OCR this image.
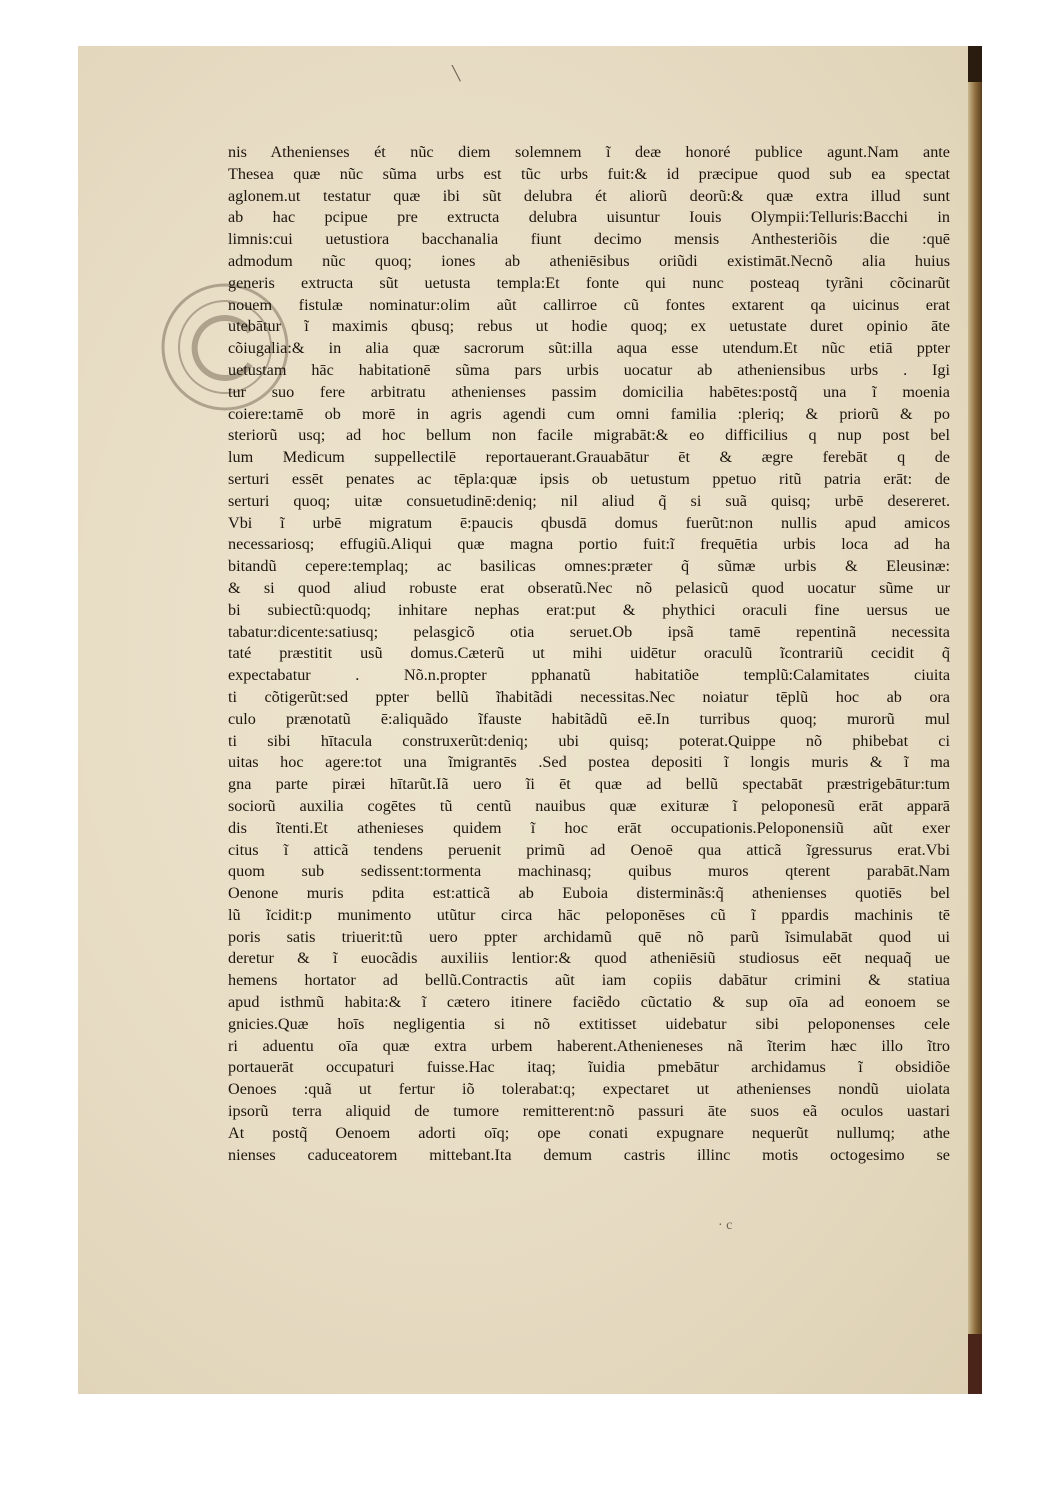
╲
· c
nis Athenienses ét nũc diem solemnem ĩ deæ honoré publice agunt.Nam ante
Thesea quæ nũc sũma urbs est tũc urbs fuit:& id præcipue quod sub ea spectat
aglonem.ut testatur quæ ibi sũt delubra ét aliorũ deorũ:& quæ extra illud sunt
ab hac pcipue pre extructa delubra uisuntur Iouis Olympii:Telluris:Bacchi in
limnis:cui uetustiora bacchanalia fiunt decimo mensis Anthesteriõis die :quē
admodum nũc quoq; iones ab atheniēsibus oriũdi existimāt.Necnõ alia huius
generis extructa sũt uetusta templa:Et fonte qui nunc posteaq tyrãni cõcinarũt
nouem fistulæ nominatur:olim aũt callirroe cũ fontes extarent qa uicinus erat
utebātur ĩ maximis qbusq; rebus ut hodie quoq; ex uetustate duret opinio āte
cõiugalia:& in alia quæ sacrorum sũt:illa aqua esse utendum.Et nũc etiā ppter
uetustam hāc habitationē sũma pars urbis uocatur ab atheniensibus urbs . Igi
tur suo fere arbitratu athenienses passim domicilia habētes:postq̃ una ĩ moenia
coiere:tamē ob morē in agris agendi cum omni familia :pleriq; & priorũ & po
steriorũ usq; ad hoc bellum non facile migrabāt:& eo difficilius q nup post bel
lum Medicum suppellectilē reportauerant.Grauabātur ēt & ægre ferebāt q de
serturi essēt penates ac tēpla:quæ ipsis ob uetustum ppetuo ritũ patria erāt: de
serturi quoq; uitæ consuetudinē:deniq; nil aliud q̃ si suã quisq; urbē desereret.
Vbi ĩ urbē migratum ē:paucis qbusdā domus fuerũt:non nullis apud amicos
necessariosq; effugiũ.Aliqui quæ magna portio fuit:ĩ frequētia urbis loca ad ha
bitandũ cepere:templaq; ac basilicas omnes:præter q̃ sũmæ urbis & Eleusinæ:
& si quod aliud robuste erat obseratũ.Nec nõ pelasicũ quod uocatur sũme ur
bi subiectũ:quodq; inhitare nephas erat:put & phythici oraculi fine uersus ue
tabatur:dicente:satiusq; pelasgicõ otia seruet.Ob ipsã tamē repentinã necessita
taté præstitit usũ domus.Cæterũ ut mihi uidētur oraculũ ĩcontrariũ cecidit q̃
expectabatur . Nõ.n.propter pphanatũ habitatiõe templũ:Calamitates ciuita
ti cõtigerũt:sed ppter bellũ ĩhabitãdi necessitas.Nec noiatur tēplũ hoc ab ora
culo prænotatũ ē:aliquãdo ĩfauste habitãdũ eē.In turribus quoq; murorũ mul
ti sibi hītacula construxerũt:deniq; ubi quisq; poterat.Quippe nõ phibebat ci
uitas hoc agere:tot una ĩmigrantēs .Sed postea depositi ĩ longis muris & ĩ ma
gna parte piræi hītarũt.Iã uero ĩi ēt quæ ad bellũ spectabāt præstrigebātur:tum
sociorũ auxilia cogētes tũ centũ nauibus quæ exituræ ĩ peloponesũ erāt apparā
dis ĩtenti.Et athenieses quidem ĩ hoc erāt occupationis.Peloponensiũ aũt exer
citus ĩ atticã tendens peruenit primũ ad Oenoē qua atticã ĩgressurus erat.Vbi
quom sub sedissent:tormenta machinasq; quibus muros qterent parabāt.Nam
Oenone muris pdita est:atticã ab Euboia disterminãs:q̃ athenienses quotiēs bel
lũ ĩcidit:p munimento utũtur circa hāc peloponēses cũ ĩ ppardis machinis tē
poris satis triuerit:tũ uero ppter archidamũ quē nõ parũ ĩsimulabāt quod ui
deretur & ĩ euocãdis auxiliis lentior:& quod atheniēsiũ studiosus eēt nequaq̃ ue
hemens hortator ad bellũ.Contractis aũt iam copiis dabātur crimini & statiua
apud isthmũ habita:& ĩ cætero itinere faciẽdo cũctatio & sup oīa ad eonoem se
gnicies.Quæ hoīs negligentia si nõ extitisset uidebatur sibi peloponenses cele
ri aduentu oīa quæ extra urbem haberent.Athenieneses nã ĩterim hæc illo ĩtro
portauerāt occupaturi fuisse.Hac itaq; ĩuidia pmebātur archidamus ĩ obsidiõe
Oenoes :quã ut fertur iõ tolerabat:q; expectaret ut athenienses nondũ uiolata
ipsorũ terra aliquid de tumore remitterent:nõ passuri āte suos eã oculos uastari
At postq̃ Oenoem adorti oīq; ope conati expugnare nequerũt nullumq; athe
nienses caduceatorem mittebant.Ita demum castris illinc motis octogesimo se
